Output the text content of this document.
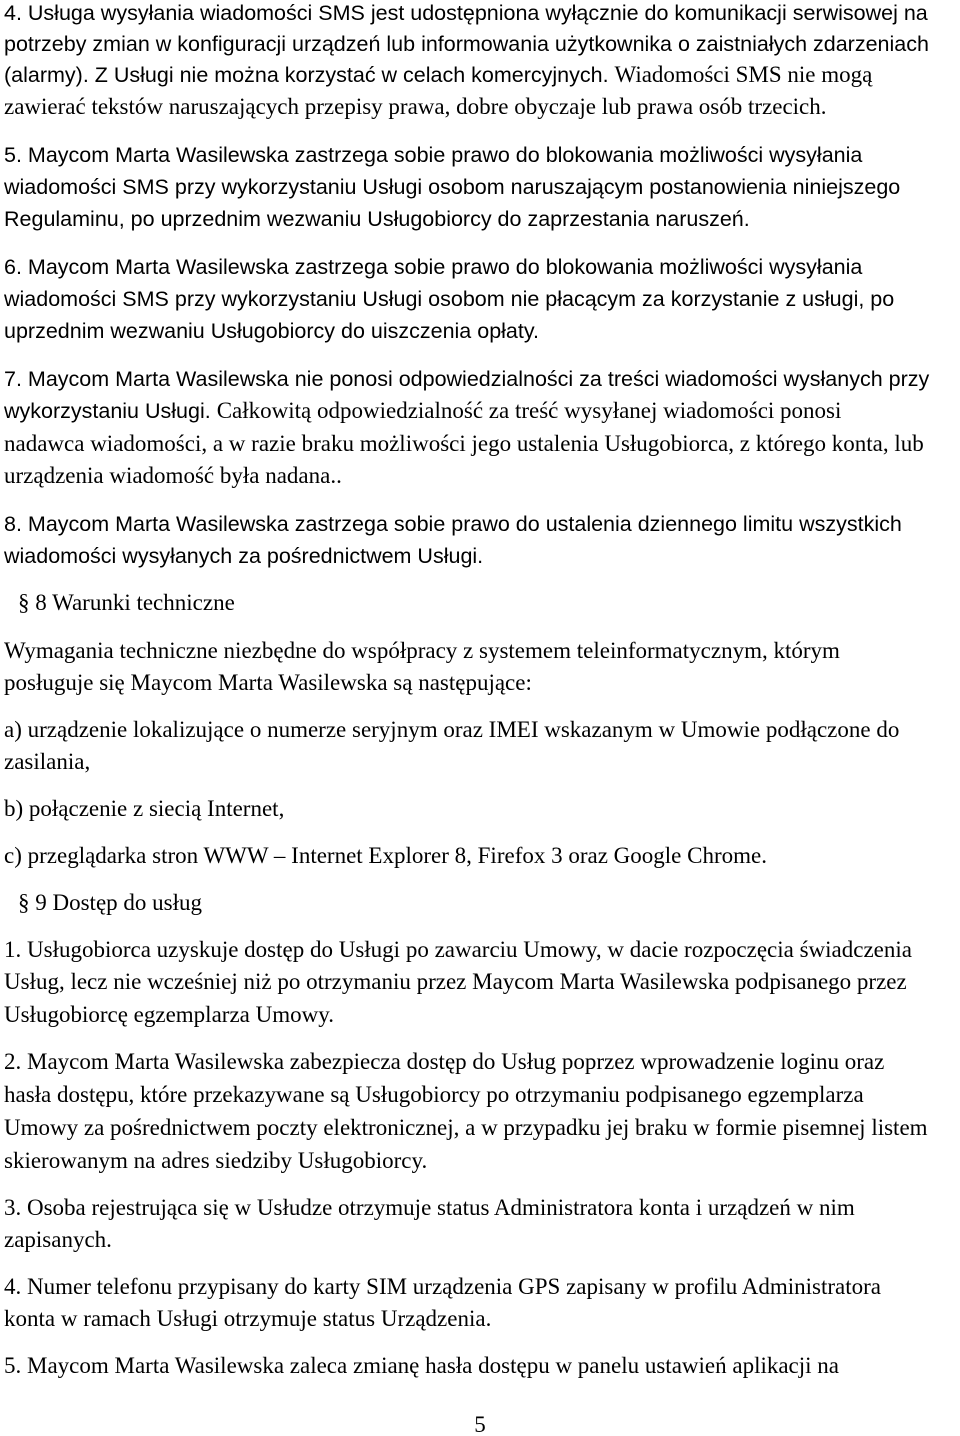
4. Usługa wysyłania wiadomości SMS jest udostępniona wyłącznie do komunikacji serwisowej na
potrzeby zmian w konfiguracji urządzeń lub informowania użytkownika o zaistniałych zdarzeniach
(alarmy). Z Usługi nie można korzystać w celach komercyjnych. Wiadomości SMS nie mogą
zawierać tekstów naruszających przepisy prawa, dobre obyczaje lub prawa osób trzecich.
5. Maycom Marta Wasilewska zastrzega sobie prawo do blokowania możliwości wysyłania
wiadomości SMS przy wykorzystaniu Usługi osobom naruszającym postanowienia niniejszego
Regulaminu, po uprzednim wezwaniu Usługobiorcy do zaprzestania naruszeń.
6. Maycom Marta Wasilewska zastrzega sobie prawo do blokowania możliwości wysyłania
wiadomości SMS przy wykorzystaniu Usługi osobom nie płacącym za korzystanie z usługi, po
uprzednim wezwaniu Usługobiorcy do uiszczenia opłaty.
7. Maycom Marta Wasilewska nie ponosi odpowiedzialności za treści wiadomości wysłanych przy
wykorzystaniu Usługi. Całkowitą odpowiedzialność za treść wysyłanej wiadomości ponosi
nadawca wiadomości, a w razie braku możliwości jego ustalenia Usługobiorca, z którego konta, lub
urządzenia wiadomość była nadana..
8. Maycom Marta Wasilewska zastrzega sobie prawo do ustalenia dziennego limitu wszystkich
wiadomości wysyłanych za pośrednictwem Usługi.
§ 8 Warunki techniczne
Wymagania techniczne niezbędne do współpracy z systemem teleinformatycznym, którym
posługuje się Maycom Marta Wasilewska są następujące:
a) urządzenie lokalizujące o numerze seryjnym oraz IMEI wskazanym w Umowie podłączone do
zasilania,
b) połączenie z siecią Internet,
c) przeglądarka stron WWW – Internet Explorer 8, Firefox 3 oraz Google Chrome.
§ 9 Dostęp do usług
1. Usługobiorca uzyskuje dostęp do Usługi po zawarciu Umowy, w dacie rozpoczęcia świadczenia
Usług, lecz nie wcześniej niż po otrzymaniu przez Maycom Marta Wasilewska podpisanego przez
Usługobiorcę egzemplarza Umowy.
2. Maycom Marta Wasilewska zabezpiecza dostęp do Usług poprzez wprowadzenie loginu oraz
hasła dostępu, które przekazywane są Usługobiorcy po otrzymaniu podpisanego egzemplarza
Umowy za pośrednictwem poczty elektronicznej, a w przypadku jej braku w formie pisemnej listem
skierowanym na adres siedziby Usługobiorcy.
3. Osoba rejestrująca się w Usłudze otrzymuje status Administratora konta i urządzeń w nim
zapisanych.
4. Numer telefonu przypisany do karty SIM urządzenia GPS zapisany w profilu Administratora
konta w ramach Usługi otrzymuje status Urządzenia.
5. Maycom Marta Wasilewska zaleca zmianę hasła dostępu w panelu ustawień aplikacji na
5
